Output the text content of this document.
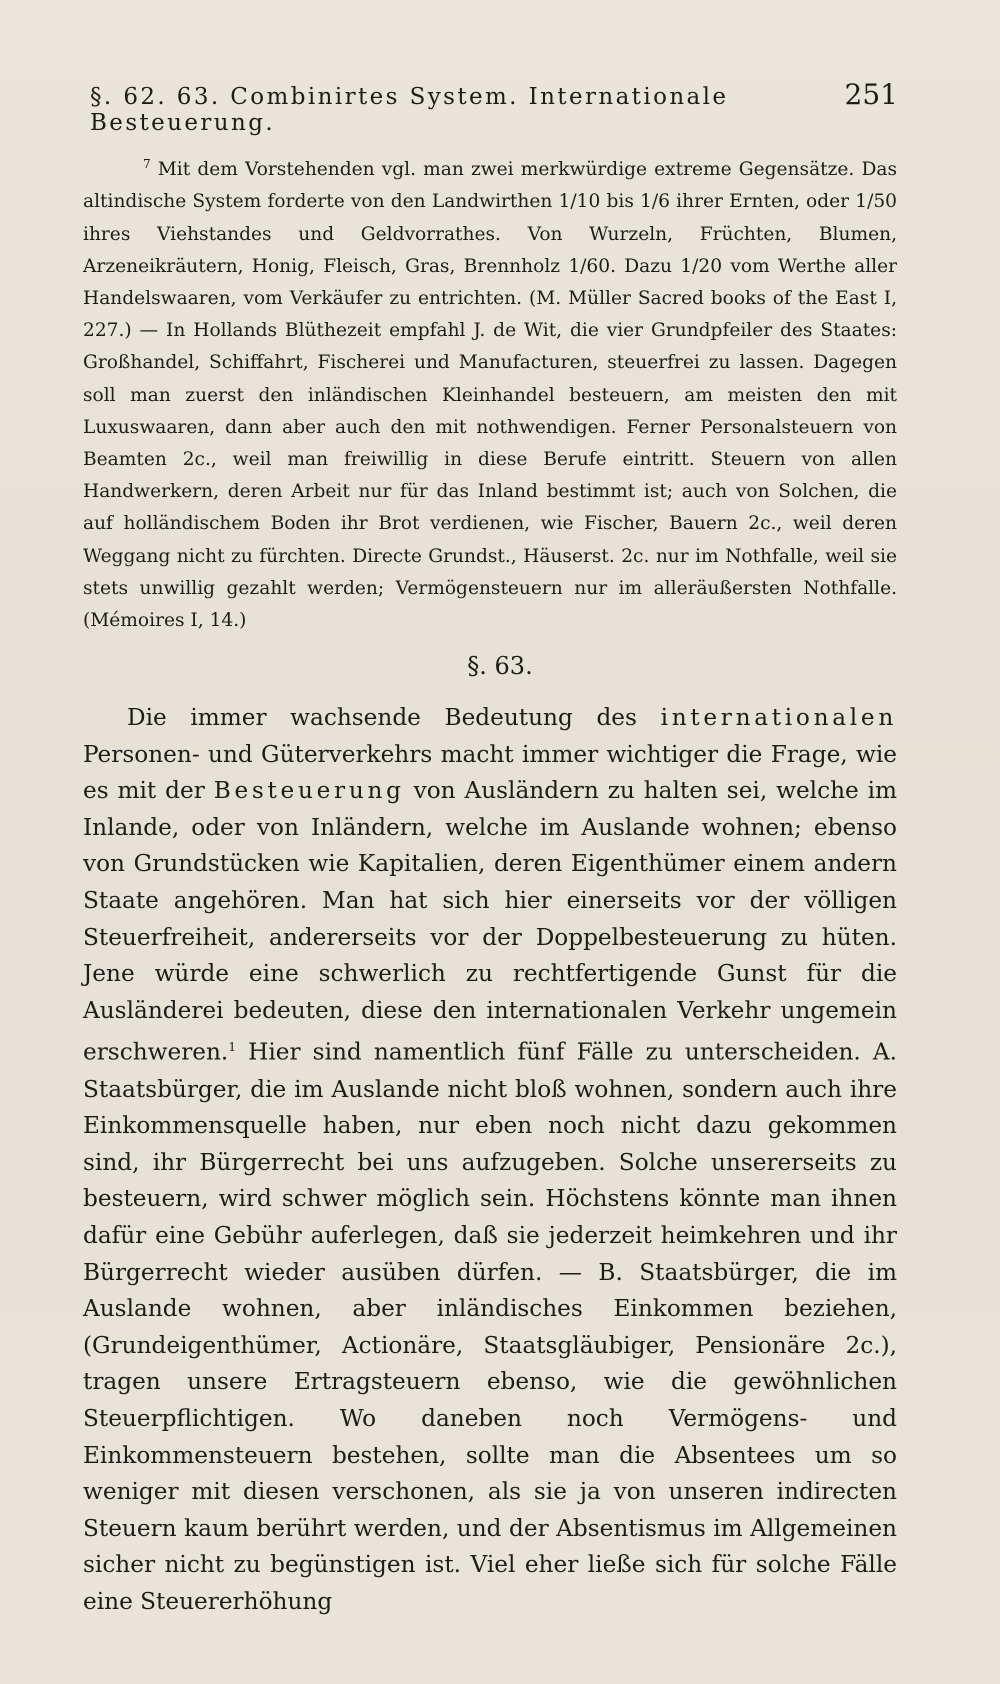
§. 62. 63. Combinirtes System. Internationale Besteuerung.
251

$^7$ Mit dem Vorstehenden vgl. man zwei merkwürdige extreme Gegensätze. Das altindische System forderte von den Landwirthen 1/10 bis 1/6 ihrer Ernten, oder 1/50 ihres Viehstandes und Geldvorrathes. Von Wurzeln, Früchten, Blumen, Arzeneikräutern, Honig, Fleisch, Gras, Brennholz 1/60. Dazu 1/20 vom Werthe aller Handelswaaren, vom Verkäufer zu entrichten. (M. Müller Sacred books of the East I, 227.) — In Hollands Blüthezeit empfahl J. de Wit, die vier Grundpfeiler des Staates: Großhandel, Schiffahrt, Fischerei und Manufacturen, steuerfrei zu lassen. Dagegen soll man zuerst den inländischen Kleinhandel besteuern, am meisten den mit Luxuswaaren, dann aber auch den mit nothwendigen. Ferner Personalsteuern von Beamten 2c., weil man freiwillig in diese Berufe eintritt. Steuern von allen Handwerkern, deren Arbeit nur für das Inland bestimmt ist; auch von Solchen, die auf holländischem Boden ihr Brot verdienen, wie Fischer, Bauern 2c., weil deren Weggang nicht zu fürchten. Directe Grundst., Häuserst. 2c. nur im Nothfalle, weil sie stets unwillig gezahlt werden; Vermögensteuern nur im alleräußersten Nothfalle. (Mémoires I, 14.)

§. 63.

Die immer wachsende Bedeutung des internationalen Personen- und Güterverkehrs macht immer wichtiger die Frage, wie es mit der Besteuerung von Ausländern zu halten sei, welche im Inlande, oder von Inländern, welche im Auslande wohnen; ebenso von Grundstücken wie Kapitalien, deren Eigenthümer einem andern Staate angehören. Man hat sich hier einerseits vor der völligen Steuerfreiheit, andererseits vor der Doppelbesteuerung zu hüten. Jene würde eine schwerlich zu rechtfertigende Gunst für die Ausländerei bedeuten, diese den internationalen Verkehr ungemein erschweren.$^1$ Hier sind namentlich fünf Fälle zu unterscheiden. A. Staatsbürger, die im Auslande nicht bloß wohnen, sondern auch ihre Einkommensquelle haben, nur eben noch nicht dazu gekommen sind, ihr Bürgerrecht bei uns aufzugeben. Solche unsererseits zu besteuern, wird schwer möglich sein. Höchstens könnte man ihnen dafür eine Gebühr auferlegen, daß sie jederzeit heimkehren und ihr Bürgerrecht wieder ausüben dürfen. — B. Staatsbürger, die im Auslande wohnen, aber inländisches Einkommen beziehen, (Grundeigenthümer, Actionäre, Staatsgläubiger, Pensionäre 2c.), tragen unsere Ertragsteuern ebenso, wie die gewöhnlichen Steuerpflichtigen. Wo daneben noch Vermögens- und Einkommensteuern bestehen, sollte man die Absentees um so weniger mit diesen verschonen, als sie ja von unseren indirecten Steuern kaum berührt werden, und der Absentismus im Allgemeinen sicher nicht zu begünstigen ist. Viel eher ließe sich für solche Fälle eine Steuererhöhung
